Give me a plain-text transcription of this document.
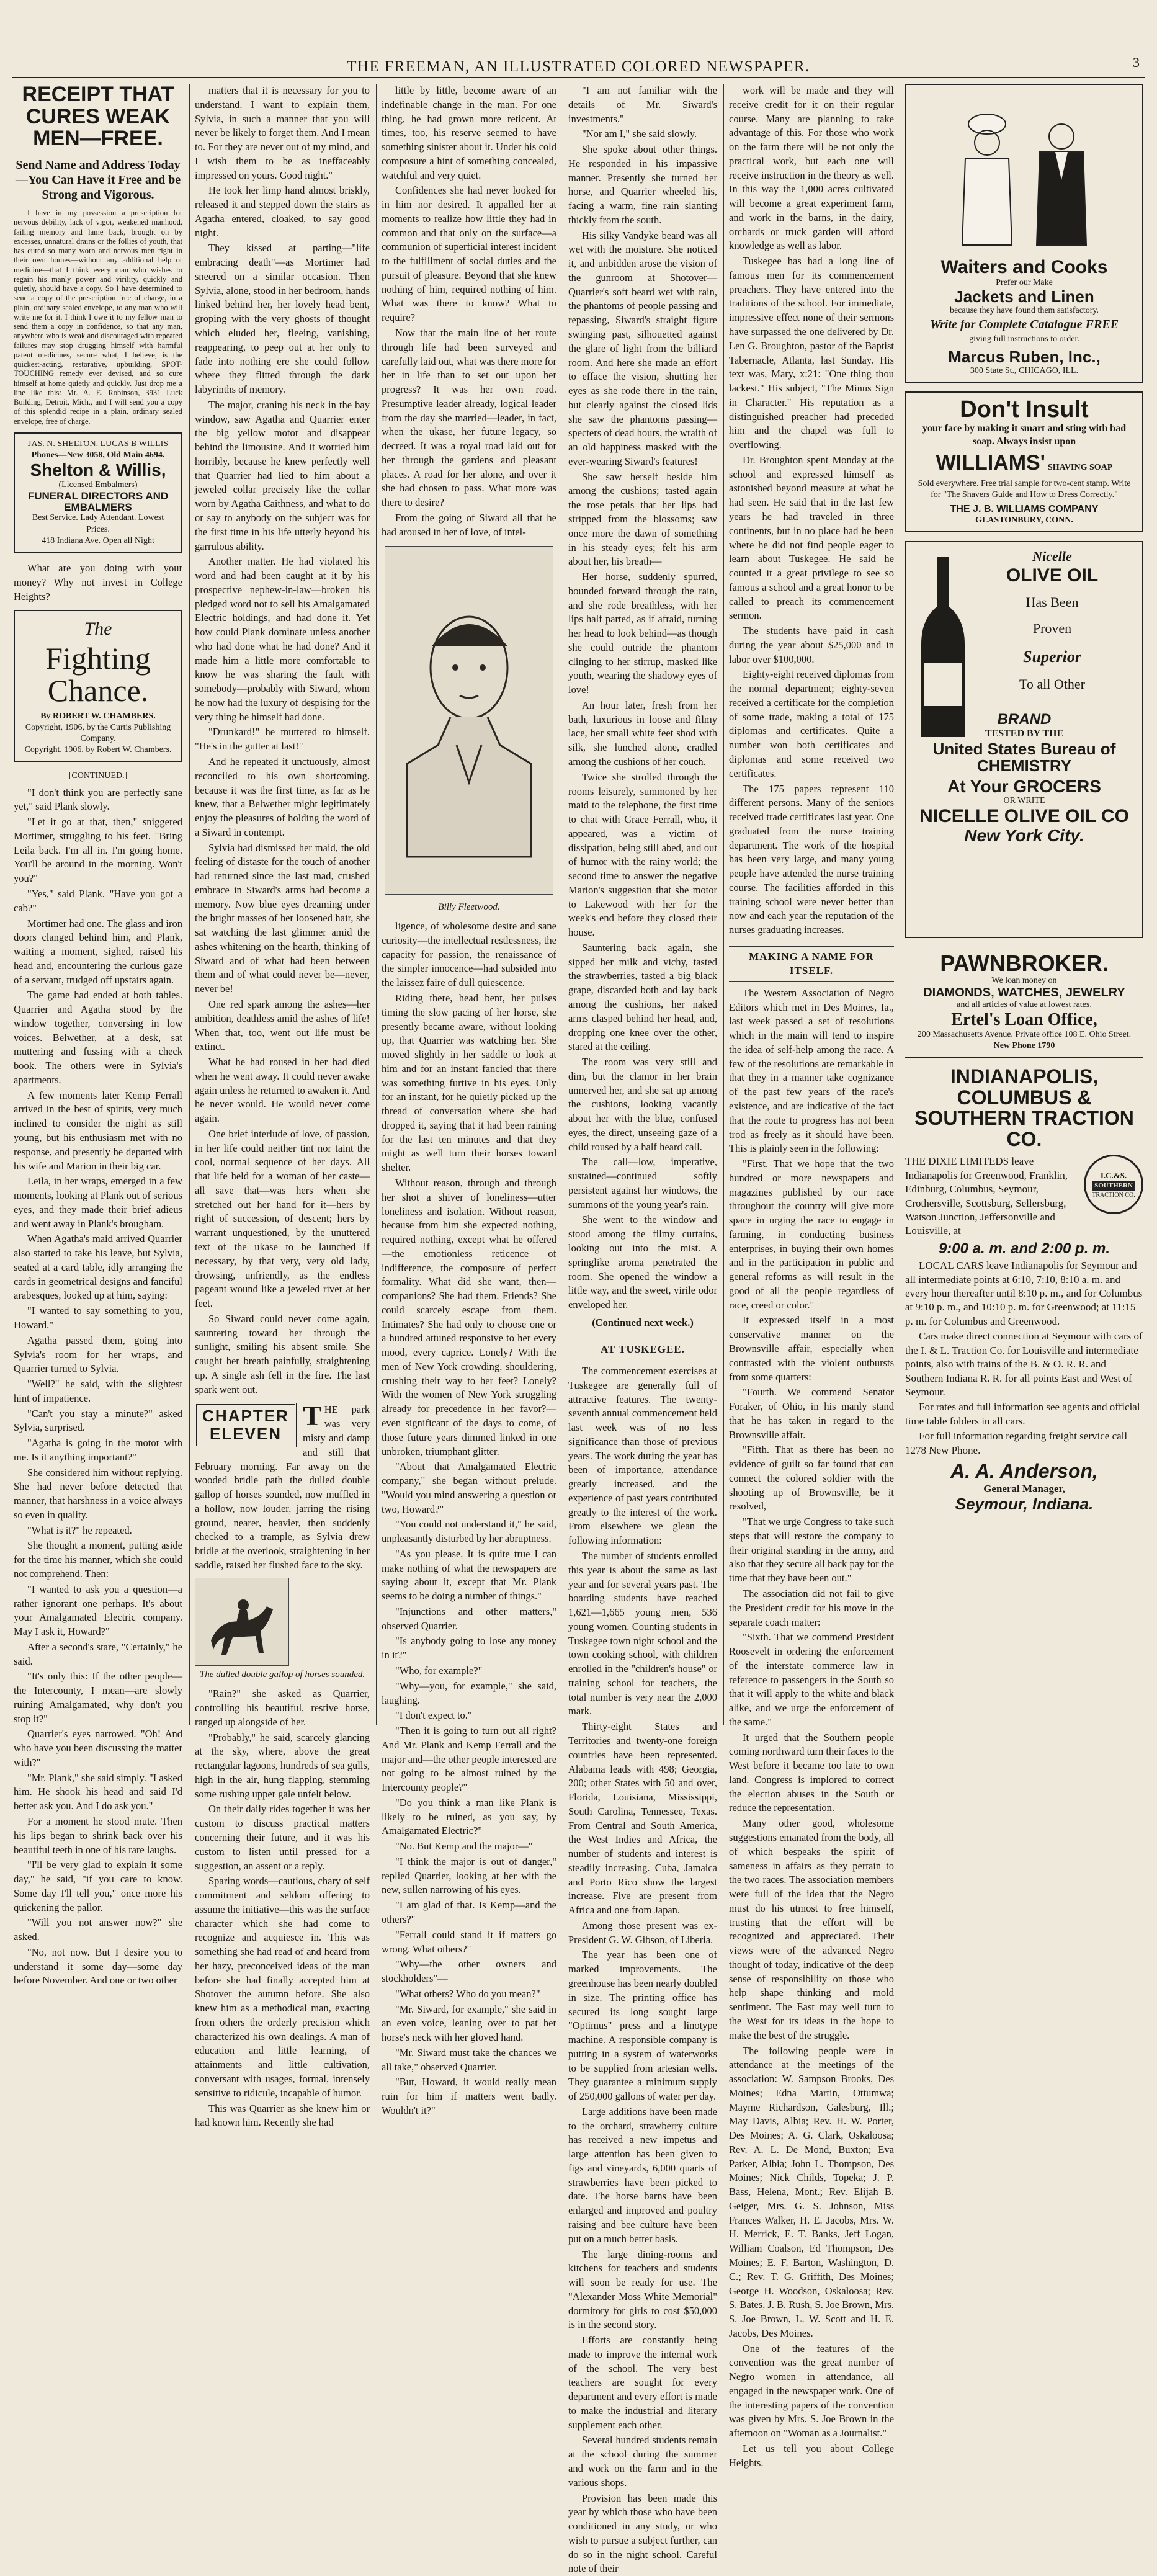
THE FREEMAN, AN ILLUSTRATED COLORED NEWSPAPER.	3
RECEIPT THAT CURES WEAK MEN—FREE.
Send Name and Address Today—You Can Have it Free and be Strong and Vigorous.

I have in my possession a prescription for nervous debility, lack of vigor, weakened manhood, failing memory and lame back, brought on by excesses, unnatural drains or the follies of youth, that has cured so many worn and nervous men right in their own homes—without any additional help or medicine—that I think every man who wishes to regain his manly power and virility, quickly and quietly, should have a copy. So I have determined to send a copy of the prescription free of charge, in a plain, ordinary sealed envelope, to any man who will write me for it. I think I owe it to my fellow man to send them a copy in confidence, so that any man, anywhere who is weak and discouraged with repeated failures may stop drugging himself with harmful patent medicines, secure what, I believe, is the quickest-acting, restorative, upbuilding, SPOT-TOUCHING remedy ever devised, and so cure himself at home quietly and quickly. Just drop me a line like this: Mr. A. E. Robinson, 3931 Luck Building, Detroit, Mich., and I will send you a copy of this splendid recipe in a plain, ordinary sealed envelope, free of charge.

JAS. N. SHELTON. LUCAS B WILLIS
Phones—New 3058, Old Main 4694.
Shelton & Willis,
(Licensed Embalmers)
FUNERAL DIRECTORS AND EMBALMERS
Best Service. Lady Attendant. Lowest Prices.
418 Indiana Ave. Open all Night

What are you doing with your money? Why not invest in College Heights?

The
Fighting Chance.
By ROBERT W. CHAMBERS.
Copyright, 1906, by the Curtis Publishing Company.
Copyright, 1906, by Robert W. Chambers.
[CONTINUED.]

"I don't think you are perfectly sane yet," said Plank slowly.

"Let it go at that, then," sniggered Mortimer, struggling to his feet. "Bring Leila back. I'm all in. I'm going home. You'll be around in the morning. Won't you?"

"Yes," said Plank. "Have you got a cab?"

Mortimer had one. The glass and iron doors clanged behind him, and Plank, waiting a moment, sighed, raised his head and, encountering the curious gaze of a servant, trudged off upstairs again.

The game had ended at both tables. Quarrier and Agatha stood by the window together, conversing in low voices. Belwether, at a desk, sat muttering and fussing with a check book. The others were in Sylvia's apartments.

A few moments later Kemp Ferrall arrived in the best of spirits, very much inclined to consider the night as still young, but his enthusiasm met with no response, and presently he departed with his wife and Marion in their big car.

Leila, in her wraps, emerged in a few moments, looking at Plank out of serious eyes, and they made their brief adieus and went away in Plank's brougham.

When Agatha's maid arrived Quarrier also started to take his leave, but Sylvia, seated at a card table, idly arranging the cards in geometrical designs and fanciful arabesques, looked up at him, saying:

"I wanted to say something to you, Howard."

Agatha passed them, going into Sylvia's room for her wraps, and Quarrier turned to Sylvia.

"Well?" he said, with the slightest hint of impatience.

"Can't you stay a minute?" asked Sylvia, surprised.

"Agatha is going in the motor with me. Is it anything important?"

She considered him without replying. She had never before detected that manner, that harshness in a voice always so even in quality.

"What is it?" he repeated.

She thought a moment, putting aside for the time his manner, which she could not comprehend. Then:

"I wanted to ask you a question—a rather ignorant one perhaps. It's about your Amalgamated Electric company. May I ask it, Howard?"

After a second's stare, "Certainly," he said.

"It's only this: If the other people—the Intercounty, I mean—are slowly ruining Amalgamated, why don't you stop it?"

Quarrier's eyes narrowed. "Oh! And who have you been discussing the matter with?"

"Mr. Plank," she said simply. "I asked him. He shook his head and said I'd better ask you. And I do ask you."

For a moment he stood mute. Then his lips began to shrink back over his beautiful teeth in one of his rare laughs.

"I'll be very glad to explain it some day," he said, "if you care to know. Some day I'll tell you," once more his quickening the pallor.

"Will you not answer now?" she asked.

"No, not now. But I desire you to understand it some day—some day before November. And one or two other

matters that it is necessary for you to understand. I want to explain them, Sylvia, in such a manner that you will never be likely to forget them. And I mean to. For they are never out of my mind, and I wish them to be as ineffaceably impressed on yours. Good night."

He took her limp hand almost briskly, released it and stepped down the stairs as Agatha entered, cloaked, to say good night.

They kissed at parting—"life embracing death"—as Mortimer had sneered on a similar occasion. Then Sylvia, alone, stood in her bedroom, hands linked behind her, her lovely head bent, groping with the very ghosts of thought which eluded her, fleeing, vanishing, reappearing, to peep out at her only to fade into nothing ere she could follow where they flitted through the dark labyrinths of memory.

The major, craning his neck in the bay window, saw Agatha and Quarrier enter the big yellow motor and disappear behind the limousine. And it worried him horribly, because he knew perfectly well that Quarrier had lied to him about a jeweled collar precisely like the collar worn by Agatha Caithness, and what to do or say to anybody on the subject was for the first time in his life utterly beyond his garrulous ability.

Another matter. He had violated his word and had been caught at it by his prospective nephew-in-law—broken his pledged word not to sell his Amalgamated Electric holdings, and had done it. Yet how could Plank dominate unless another who had done what he had done? And it made him a little more comfortable to know he was sharing the fault with somebody—probably with Siward, whom he now had the luxury of despising for the very thing he himself had done.

"Drunkard!" he muttered to himself. "He's in the gutter at last!"

And he repeated it unctuously, almost reconciled to his own shortcoming, because it was the first time, as far as he knew, that a Belwether might legitimately enjoy the pleasures of holding the word of a Siward in contempt.

Sylvia had dismissed her maid, the old feeling of distaste for the touch of another had returned since the last mad, crushed embrace in Siward's arms had become a memory. Now blue eyes dreaming under the bright masses of her loosened hair, she sat watching the last glimmer amid the ashes whitening on the hearth, thinking of Siward and of what had been between them and of what could never be—never, never be!

One red spark among the ashes—her ambition, deathless amid the ashes of life! When that, too, went out life must be extinct.

What he had roused in her had died when he went away. It could never awake again unless he returned to awaken it. And he never would. He would never come again.

One brief interlude of love, of passion, in her life could neither tint nor taint the cool, normal sequence of her days. All that life held for a woman of her caste—all save that—was hers when she stretched out her hand for it—hers by right of succession, of descent; hers by warrant unquestioned, by the unuttered text of the ukase to be launched if necessary, by that very, very old lady, drowsing, unfriendly, as the endless pageant wound like a jeweled river at her feet.

So Siward could never come again, sauntering toward her through the sunlight, smiling his absent smile. She caught her breath painfully, straightening up. A single ash fell in the fire. The last spark went out.

CHAPTER ELEVEN

THE park was very misty and damp and still that February morning. Far away on the wooded bridle path the dulled double gallop of horses sounded, now muffled in a hollow, now louder, jarring the rising ground, nearer, heavier, then suddenly checked to a trample, as Sylvia drew bridle at the overlook, straightening in her saddle, raised her flushed face to the sky.

The dulled double gallop of horses sounded.

"Rain?" she asked as Quarrier, controlling his beautiful, restive horse, ranged up alongside of her.

"Probably," he said, scarcely glancing at the sky, where, above the great rectangular lagoons, hundreds of sea gulls, high in the air, hung flapping, stemming some rushing upper gale unfelt below.

On their daily rides together it was her custom to discuss practical matters concerning their future, and it was his custom to listen until pressed for a suggestion, an assent or a reply.

Sparing words—cautious, chary of self commitment and seldom offering to assume the initiative—this was the surface character which she had come to recognize and acquiesce in. This was something she had read of and heard from her hazy, preconceived ideas of the man before she had finally accepted him at Shotover the autumn before. She also knew him as a methodical man, exacting from others the orderly precision which characterized his own dealings. A man of education and little learning, of attainments and little cultivation, conversant with usages, formal, intensely sensitive to ridicule, incapable of humor.

This was Quarrier as she knew him or had known him. Recently she had

little by little, become aware of an indefinable change in the man. For one thing, he had grown more reticent. At times, too, his reserve seemed to have something sinister about it. Under his cold composure a hint of something concealed, watchful and very quiet.

Confidences she had never looked for in him nor desired. It appalled her at moments to realize how little they had in common and that only on the surface—a communion of superficial interest incident to the fulfillment of social duties and the pursuit of pleasure. Beyond that she knew nothing of him, required nothing of him. What was there to know? What to require?

Now that the main line of her route through life had been surveyed and carefully laid out, what was there more for her in life than to set out upon her progress? It was her own road. Presumptive leader already, logical leader from the day she married—leader, in fact, when the ukase, her future legacy, so decreed. It was a royal road laid out for her through the gardens and pleasant places. A road for her alone, and over it she had chosen to pass. What more was there to desire?

From the going of Siward all that he had aroused in her of love, of intel-

Billy Fleetwood.

ligence, of wholesome desire and sane curiosity—the intellectual restlessness, the capacity for passion, the renaissance of the simpler innocence—had subsided into the laissez faire of dull quiescence.

Riding there, head bent, her pulses timing the slow pacing of her horse, she presently became aware, without looking up, that Quarrier was watching her. She moved slightly in her saddle to look at him and for an instant fancied that there was something furtive in his eyes. Only for an instant, for he quietly picked up the thread of conversation where she had dropped it, saying that it had been raining for the last ten minutes and that they might as well turn their horses toward shelter.

Without reason, through and through her shot a shiver of loneliness—utter loneliness and isolation. Without reason, because from him she expected nothing, required nothing, except what he offered—the emotionless reticence of indifference, the composure of perfect formality. What did she want, then—companions? She had them. Friends? She could scarcely escape from them. Intimates? She had only to choose one or a hundred attuned responsive to her every mood, every caprice. Lonely? With the men of New York crowding, shouldering, crushing their way to her feet? Lonely? With the women of New York struggling already for precedence in her favor?—even significant of the days to come, of those future years dimmed linked in one unbroken, triumphant glitter.

"About that Amalgamated Electric company," she began without prelude. "Would you mind answering a question or two, Howard?"

"You could not understand it," he said, unpleasantly disturbed by her abruptness.

"As you please. It is quite true I can make nothing of what the newspapers are saying about it, except that Mr. Plank seems to be doing a number of things."

"Injunctions and other matters," observed Quarrier.

"Is anybody going to lose any money in it?"

"Who, for example?"

"Why—you, for example," she said, laughing.

"I don't expect to."

"Then it is going to turn out all right? And Mr. Plank and Kemp Ferrall and the major and—the other people interested are not going to be almost ruined by the Intercounty people?"

"Do you think a man like Plank is likely to be ruined, as you say, by Amalgamated Electric?"

"No. But Kemp and the major—"

"I think the major is out of danger," replied Quarrier, looking at her with the new, sullen narrowing of his eyes.

"I am glad of that. Is Kemp—and the others?"

"Ferrall could stand it if matters go wrong. What others?"

"Why—the other owners and stockholders"—

"What others? Who do you mean?"

"Mr. Siward, for example," she said in an even voice, leaning over to pat her horse's neck with her gloved hand.

"Mr. Siward must take the chances we all take," observed Quarrier.

"But, Howard, it would really mean ruin for him if matters went badly. Wouldn't it?"

"I am not familiar with the details of Mr. Siward's investments."

"Nor am I," she said slowly.

She spoke about other things. He responded in his impassive manner. Presently she turned her horse, and Quarrier wheeled his, facing a warm, fine rain slanting thickly from the south.

His silky Vandyke beard was all wet with the moisture. She noticed it, and unbidden arose the vision of the gunroom at Shotover—Quarrier's soft beard wet with rain, the phantoms of people passing and repassing, Siward's straight figure swinging past, silhouetted against the glare of light from the billiard room. And here she made an effort to efface the vision, shutting her eyes as she rode there in the rain, but clearly against the closed lids she saw the phantoms passing—specters of dead hours, the wraith of an old happiness masked with the ever-wearing Siward's features!

She saw herself beside him among the cushions; tasted again the rose petals that her lips had stripped from the blossoms; saw once more the dawn of something in his steady eyes; felt his arm about her, his breath—

Her horse, suddenly spurred, bounded forward through the rain, and she rode breathless, with her lips half parted, as if afraid, turning her head to look behind—as though she could outride the phantom clinging to her stirrup, masked like youth, wearing the shadowy eyes of love!

An hour later, fresh from her bath, luxurious in loose and filmy lace, her small white feet shod with silk, she lunched alone, cradled among the cushions of her couch.

Twice she strolled through the rooms leisurely, summoned by her maid to the telephone, the first time to chat with Grace Ferrall, who, it appeared, was a victim of dissipation, being still abed, and out of humor with the rainy world; the second time to answer the negative Marion's suggestion that she motor to Lakewood with her for the week's end before they closed their house.

Sauntering back again, she sipped her milk and vichy, tasted the strawberries, tasted a big black grape, discarded both and lay back among the cushions, her naked arms clasped behind her head, and, dropping one knee over the other, stared at the ceiling.

The room was very still and dim, but the clamor in her brain unnerved her, and she sat up among the cushions, looking vacantly about her with the blue, confused eyes, the direct, unseeing gaze of a child roused by a half heard call.

The call—low, imperative, sustained—continued softly persistent against her windows, the summons of the young year's rain.

She went to the window and stood among the filmy curtains, looking out into the mist. A springlike aroma penetrated the room. She opened the window a little way, and the sweet, virile odor enveloped her.

(Continued next week.)
AT TUSKEGEE.

The commencement exercises at Tuskegee are generally full of attractive features. The twenty-seventh annual commencement held last week was of no less significance than those of previous years. The work during the year has been of importance, attendance greatly increased, and the experience of past years contributed greatly to the interest of the work. From elsewhere we glean the following information:

The number of students enrolled this year is about the same as last year and for several years past. The boarding students have reached 1,621—1,665 young men, 536 young women. Counting students in Tuskegee town night school and the town cooking school, with children enrolled in the "children's house" or training school for teachers, the total number is very near the 2,000 mark.

Thirty-eight States and Territories and twenty-one foreign countries have been represented. Alabama leads with 498; Georgia, 200; other States with 50 and over, Florida, Louisiana, Mississippi, South Carolina, Tennessee, Texas. From Central and South America, the West Indies and Africa, the number of students and interest is steadily increasing. Cuba, Jamaica and Porto Rico show the largest increase. Five are present from Africa and one from Japan.

Among those present was ex-President G. W. Gibson, of Liberia.

The year has been one of marked improvements. The greenhouse has been nearly doubled in size. The printing office has secured its long sought large "Optimus" press and a linotype machine. A responsible company is putting in a system of waterworks to be supplied from artesian wells. They guarantee a minimum supply of 250,000 gallons of water per day.

Large additions have been made to the orchard, strawberry culture has received a new impetus and large attention has been given to figs and vineyards, 6,000 quarts of strawberries have been picked to date. The horse barns have been enlarged and improved and poultry raising and bee culture have been put on a much better basis.

The large dining-rooms and kitchens for teachers and students will soon be ready for use. The "Alexander Moss White Memorial" dormitory for girls to cost $50,000 is in the second story.

Efforts are constantly being made to improve the internal work of the school. The very best teachers are sought for every department and every effort is made to make the industrial and literary supplement each other.

Several hundred students remain at the school during the summer and work on the farm and in the various shops.

Provision has been made this year by which those who have been conditioned in any study, or who wish to pursue a subject further, can do so in the night school. Careful note of their

work will be made and they will receive credit for it on their regular course. Many are planning to take advantage of this. For those who work on the farm there will be not only the practical work, but each one will receive instruction in the theory as well. In this way the 1,000 acres cultivated will become a great experiment farm, and work in the barns, in the dairy, orchards or truck garden will afford knowledge as well as labor.

Tuskegee has had a long line of famous men for its commencement preachers. They have entered into the traditions of the school. For immediate, impressive effect none of their sermons have surpassed the one delivered by Dr. Len G. Broughton, pastor of the Baptist Tabernacle, Atlanta, last Sunday. His text was, Mary, x:21: "One thing thou lackest." His subject, "The Minus Sign in Character." His reputation as a distinguished preacher had preceded him and the chapel was full to overflowing.

Dr. Broughton spent Monday at the school and expressed himself as astonished beyond measure at what he had seen. He said that in the last few years he had traveled in three continents, but in no place had he been where he did not find people eager to learn about Tuskegee. He said he counted it a great privilege to see so famous a school and a great honor to be called to preach its commencement sermon.

The students have paid in cash during the year about $25,000 and in labor over $100,000.

Eighty-eight received diplomas from the normal department; eighty-seven received a certificate for the completion of some trade, making a total of 175 diplomas and certificates. Quite a number won both certificates and diplomas and some received two certificates.

The 175 papers represent 110 different persons. Many of the seniors received trade certificates last year. One graduated from the nurse training department. The work of the hospital has been very large, and many young people have attended the nurse training course. The facilities afforded in this training school were never better than now and each year the reputation of the nurses graduating increases.

MAKING A NAME FOR ITSELF.

The Western Association of Negro Editors which met in Des Moines, Ia., last week passed a set of resolutions which in the main will tend to inspire the idea of self-help among the race. A few of the resolutions are remarkable in that they in a manner take cognizance of the past few years of the race's existence, and are indicative of the fact that the route to progress has not been trod as freely as it should have been. This is plainly seen in the following:

"First. That we hope that the two hundred or more newspapers and magazines published by our race throughout the country will give more space in urging the race to engage in farming, in conducting business enterprises, in buying their own homes and in the participation in public and general reforms as will result in the good of all the people regardless of race, creed or color."

It expressed itself in a most conservative manner on the Brownsville affair, especially when contrasted with the violent outbursts from some quarters:

"Fourth. We commend Senator Foraker, of Ohio, in his manly stand that he has taken in regard to the Brownsville affair.

"Fifth. That as there has been no evidence of guilt so far found that can connect the colored soldier with the shooting up of Brownsville, be it resolved,

"That we urge Congress to take such steps that will restore the company to their original standing in the army, and also that they secure all back pay for the time that they have been out."

The association did not fail to give the President credit for his move in the separate coach matter:

"Sixth. That we commend President Roosevelt in ordering the enforcement of the interstate commerce law in reference to passengers in the South so that it will apply to the white and black alike, and we urge the enforcement of the same."

It urged that the Southern people coming northward turn their faces to the West before it became too late to own land. Congress is implored to correct the election abuses in the South or reduce the representation.

Many other good, wholesome suggestions emanated from the body, all of which bespeaks the spirit of sameness in affairs as they pertain to the two races. The association members were full of the idea that the Negro must do his utmost to free himself, trusting that the effort will be recognized and appreciated. Their views were of the advanced Negro thought of today, indicative of the deep sense of responsibility on those who help shape thinking and mold sentiment. The East may well turn to the West for its ideas in the hope to make the best of the struggle.

The following people were in attendance at the meetings of the association: W. Sampson Brooks, Des Moines; Edna Martin, Ottumwa; Mayme Richardson, Galesburg, Ill.; May Davis, Albia; Rev. H. W. Porter, Des Moines; A. G. Clark, Oskaloosa; Rev. A. L. De Mond, Buxton; Eva Parker, Albia; John L. Thompson, Des Moines; Nick Childs, Topeka; J. P. Bass, Helena, Mont.; Rev. Elijah B. Geiger, Mrs. G. S. Johnson, Miss Frances Walker, H. E. Jacobs, Mrs. W. H. Merrick, E. T. Banks, Jeff Logan, William Coalson, Ed Thompson, Des Moines; E. F. Barton, Washington, D. C.; Rev. T. G. Griffith, Des Moines; George H. Woodson, Oskaloosa; Rev. S. Bates, J. B. Rush, S. Joe Brown, Mrs. S. Joe Brown, L. W. Scott and H. E. Jacobs, Des Moines.

One of the features of the convention was the great number of Negro women in attendance, all engaged in the newspaper work. One of the interesting papers of the convention was given by Mrs. S. Joe Brown in the afternoon on "Woman as a Journalist."

Let us tell you about College Heights.

Waiters and Cooks
Prefer our Make
Jackets and Linen
because they have found them satisfactory.
Write for Complete Catalogue FREE
giving full instructions to order.
Marcus Ruben, Inc.,
300 State St., CHICAGO, ILL.
Don't Insult
your face by making it smart and sting with bad soap. Always insist upon
WILLIAMS' SHAVING SOAP
Sold everywhere. Free trial sample for two-cent stamp. Write for "The Shavers Guide and How to Dress Correctly."
THE J. B. WILLIAMS COMPANY
GLASTONBURY, CONN.
Nicelle
OLIVE OIL
Has Been
Proven
Superior
To all Other
BRAND
TESTED BY THE
United States Bureau of CHEMISTRY
At Your GROCERS
OR WRITE
NICELLE OLIVE OIL CO
New York City.
PAWNBROKER.
We loan money on
DIAMONDS, WATCHES, JEWELRY
and all articles of value at lowest rates.
Ertel's Loan Office,
200 Massachusetts Avenue. Private office 108 E. Ohio Street.
New Phone 1790
INDIANAPOLIS, COLUMBUS & SOUTHERN TRACTION CO.
I.C.&S.
SOUTHERN
TRACTION CO.

THE DIXIE LIMITEDS leave Indianapolis for Greenwood, Franklin, Edinburg, Columbus, Seymour, Crothersville, Scottsburg, Sellersburg, Watson Junction, Jeffersonville and Louisville, at

9:00 a. m. and 2:00 p. m.

LOCAL CARS leave Indianapolis for Seymour and all intermediate points at 6:10, 7:10, 8:10 a. m. and every hour thereafter until 8:10 p. m., and for Columbus at 9:10 p. m., and 10:10 p. m. for Greenwood; at 11:15 p. m. for Columbus and Greenwood.

Cars make direct connection at Seymour with cars of the I. & L. Traction Co. for Louisville and intermediate points, also with trains of the B. & O. R. R. and Southern Indiana R. R. for all points East and West of Seymour.

For rates and full information see agents and official time table folders in all cars.

For full information regarding freight service call 1278 New Phone.

A. A. Anderson,
General Manager,
Seymour, Indiana.
